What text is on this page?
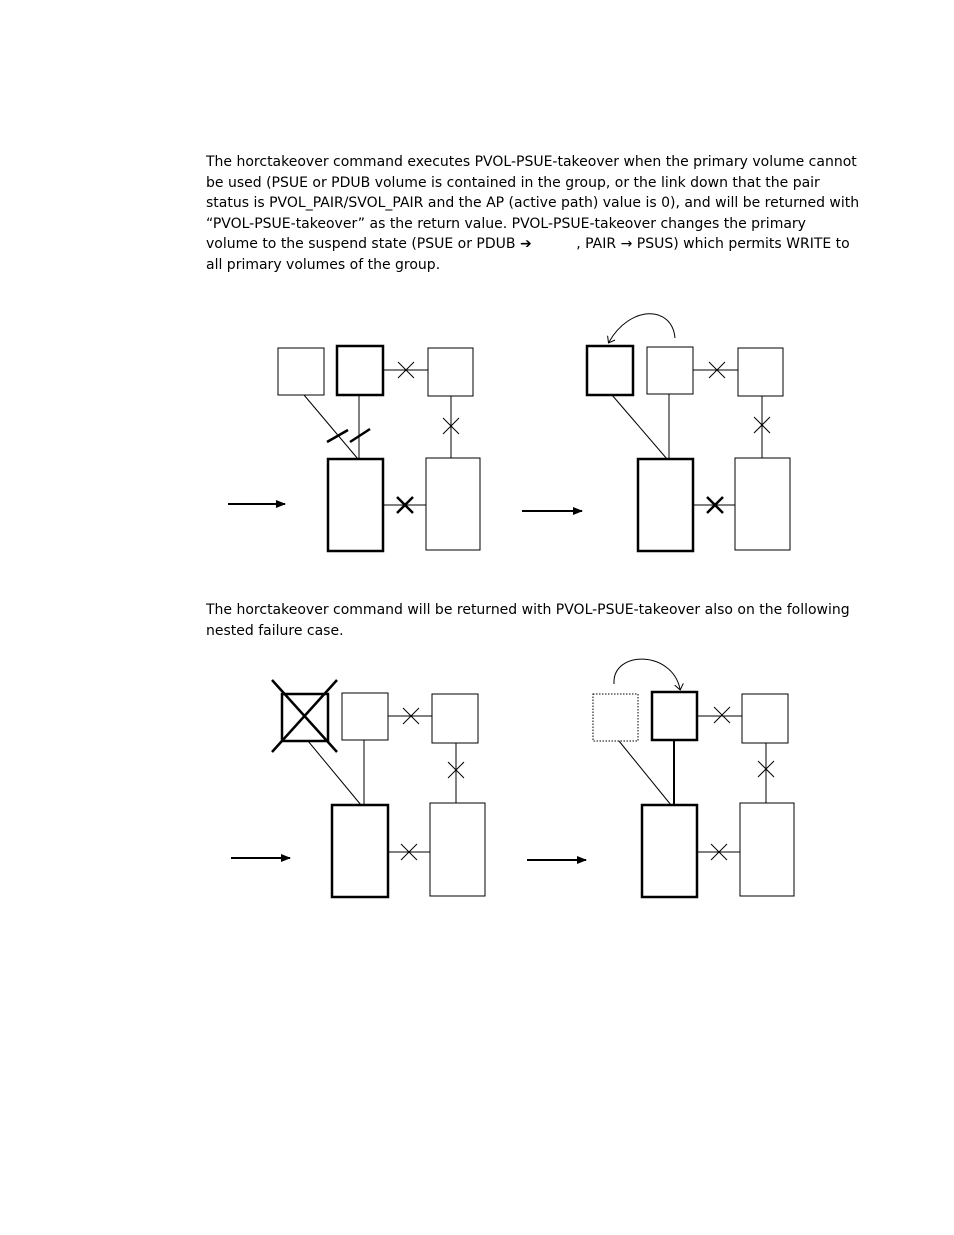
The horctakeover command executes PVOL-PSUE-takeover when the primary volume cannot be used (PSUE or PDUB volume is contained in the group, or the link down that the pair status is PVOL_PAIR/SVOL_PAIR and the AP (active path) value is 0), and will be returned with “PVOL-PSUE-takeover” as the return value. PVOL-PSUE-takeover changes the primary volume to the suspend state (PSUE or PDUB ➔	, PAIR → PSUS) which permits WRITE to all primary volumes of the group.

The horctakeover command will be returned with PVOL-PSUE-takeover also on the following nested failure case.
